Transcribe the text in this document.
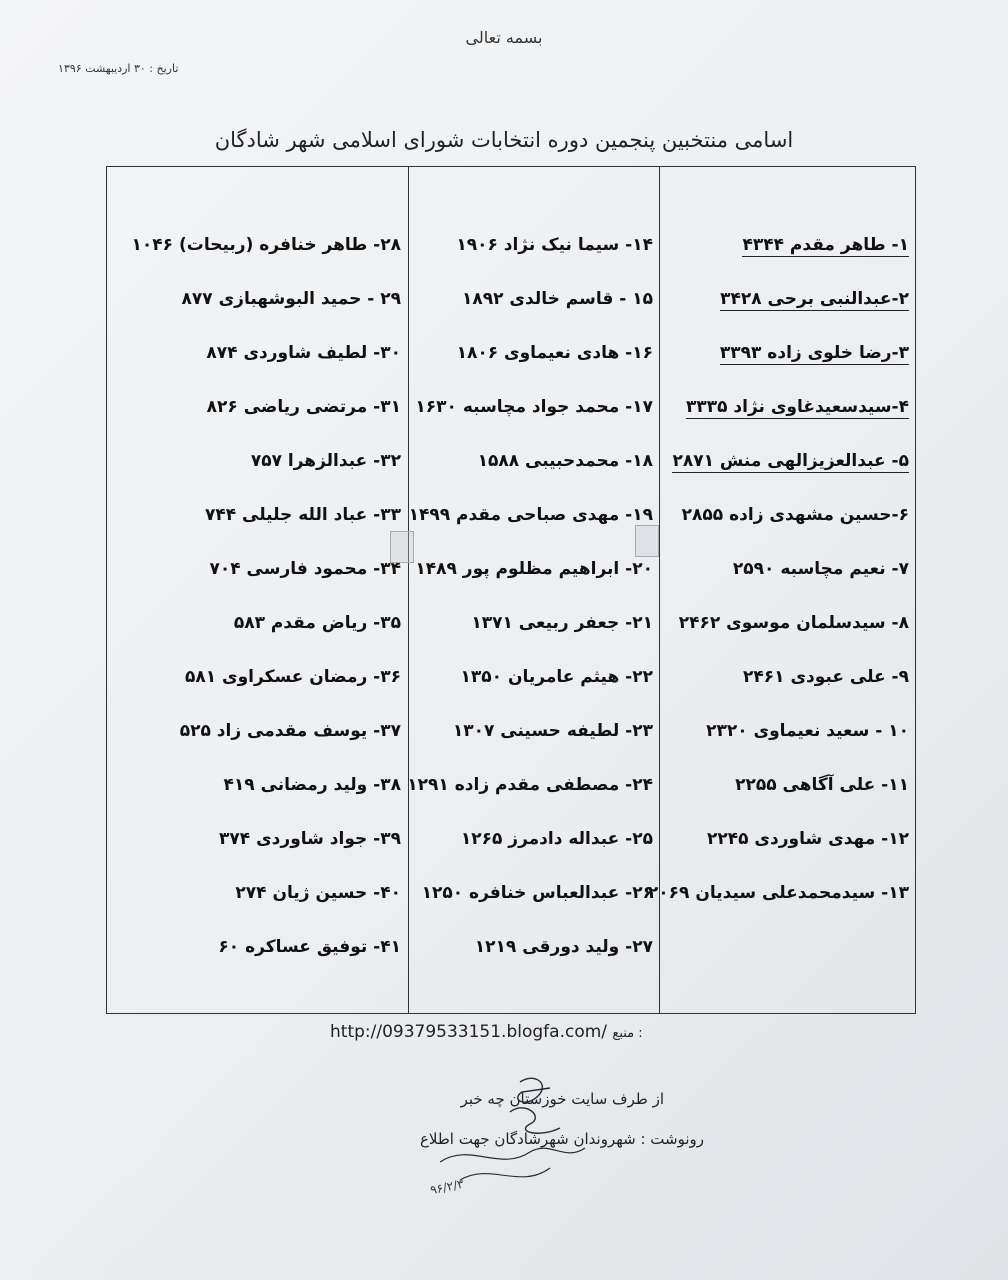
بسمه تعالی
تاریخ : ۳۰ اردیبهشت ۱۳۹۶
اسامی منتخبین پنجمین دوره انتخابات شورای اسلامی شهر شادگان
۱- طاهر مقدم ۴۳۴۴
۲-عبدالنبی برحی ۳۴۲۸
۳-رضا خلوی زاده ۳۳۹۳
۴-سیدسعیدغاوی نژاد ۳۳۳۵
۵- عبدالعزیزالهی منش ۲۸۷۱
۶-حسین مشهدی زاده ۲۸۵۵
۷- نعیم مچاسبه ۲۵۹۰
۸- سیدسلمان موسوی ۲۴۶۲
۹- علی عبودی ۲۴۶۱
۱۰ - سعید نعیماوی ۲۳۲۰
۱۱- علی آگاهی ۲۲۵۵
۱۲- مهدی شاوردی ۲۲۴۵
۱۳- سیدمحمدعلی سیدیان ۲۰۶۹
۱۴- سیما نیک نژاد ۱۹۰۶
۱۵ - قاسم خالدی ۱۸۹۲
۱۶- هادی نعیماوی ۱۸۰۶
۱۷- محمد جواد مچاسبه ۱۶۳۰
۱۸- محمدحبیبی ۱۵۸۸
۱۹- مهدی صباحی مقدم ۱۴۹۹
۲۰- ابراهیم مظلوم پور ۱۴۸۹
۲۱- جعفر ربیعی ۱۳۷۱
۲۲- هیثم عامریان ۱۳۵۰
۲۳- لطیفه حسینی ۱۳۰۷
۲۴- مصطفی مقدم زاده ۱۲۹۱
۲۵- عبداله دادمرز ۱۲۶۵
۲۶- عبدالعباس خنافره ۱۲۵۰
۲۷- ولید دورقی ۱۲۱۹
۲۸- طاهر خنافره (ربیحات) ۱۰۴۶
۲۹ - حمید البوشهبازی ۸۷۷
۳۰- لطیف شاوردی ۸۷۴
۳۱- مرتضی ریاضی ۸۲۶
۳۲- عبدالزهرا ۷۵۷
۳۳- عباد الله جلیلی ۷۴۴
۳۴- محمود فارسی ۷۰۴
۳۵- ریاض مقدم ۵۸۳
۳۶- رمضان عسکراوی ۵۸۱
۳۷- یوسف مقدمی زاد ۵۲۵
۳۸- ولید رمضانی ۴۱۹
۳۹- جواد شاوردی ۳۷۴
۴۰- حسین ژیان ۲۷۴
۴۱- توفیق عساکره ۶۰
http://09379533151.blogfa.com/ منبع :
از طرف سایت خوزستان چه خبر
رونوشت : شهروندان شهرشادگان جهت اطلاع
۹۶/۲/۳
